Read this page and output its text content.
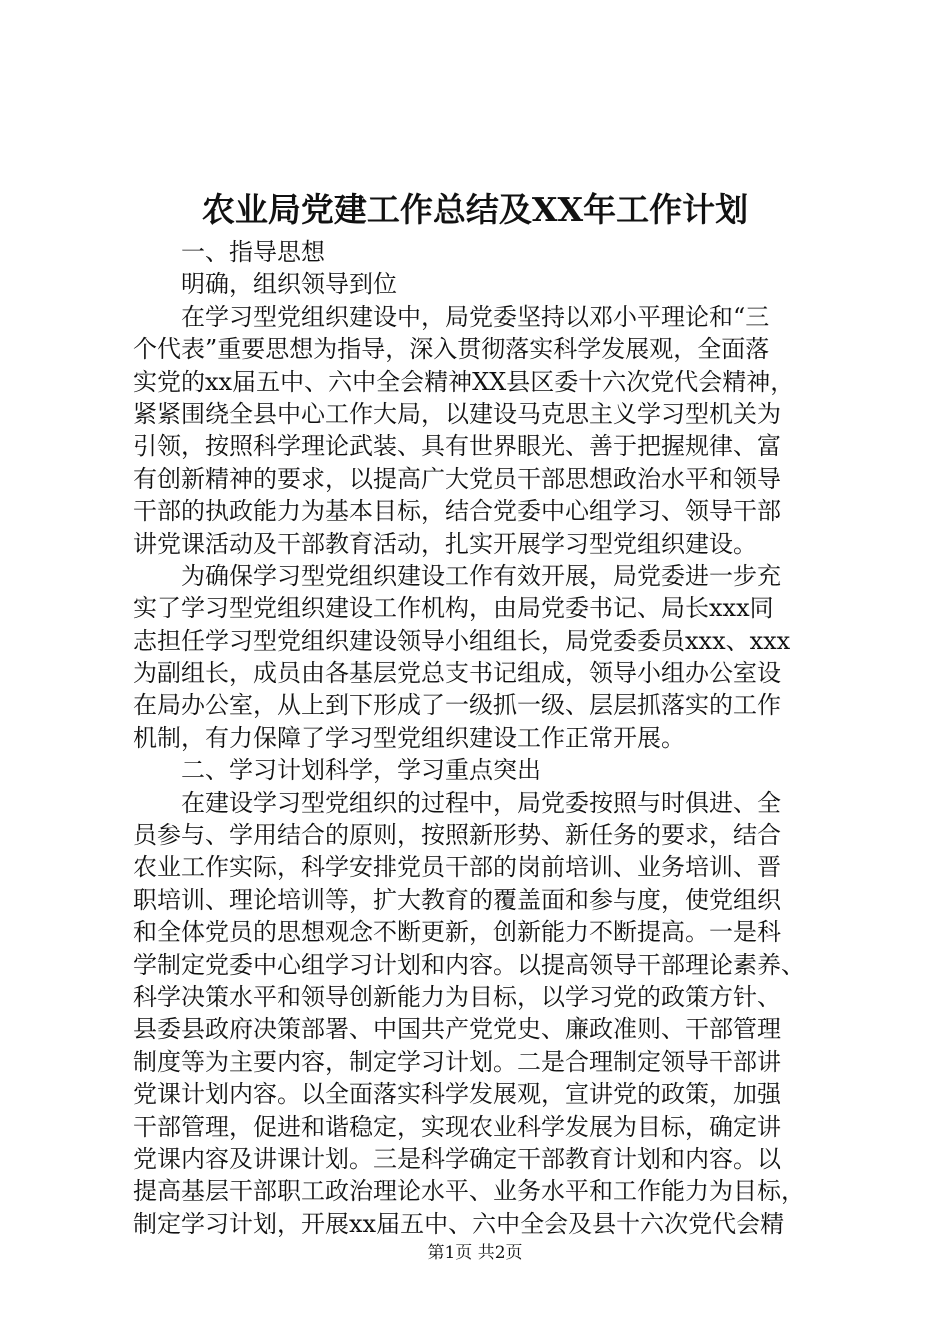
农业局党建工作总结及XX年工作计划
一、指导思想
明确，组织领导到位
在学习型党组织建设中，局党委坚持以邓小平理论和“三
个代表”重要思想为指导，深入贯彻落实科学发展观，全面落
实党的xx届五中、六中全会精神XX县区委十六次党代会精神，
紧紧围绕全县中心工作大局，以建设马克思主义学习型机关为
引领，按照科学理论武装、具有世界眼光、善于把握规律、富
有创新精神的要求，以提高广大党员干部思想政治水平和领导
干部的执政能力为基本目标，结合党委中心组学习、领导干部
讲党课活动及干部教育活动，扎实开展学习型党组织建设。
为确保学习型党组织建设工作有效开展，局党委进一步充
实了学习型党组织建设工作机构，由局党委书记、局长xxx同
志担任学习型党组织建设领导小组组长，局党委委员xxx、xxx
为副组长，成员由各基层党总支书记组成，领导小组办公室设
在局办公室，从上到下形成了一级抓一级、层层抓落实的工作
机制，有力保障了学习型党组织建设工作正常开展。
二、学习计划科学，学习重点突出
在建设学习型党组织的过程中，局党委按照与时俱进、全
员参与、学用结合的原则，按照新形势、新任务的要求，结合
农业工作实际，科学安排党员干部的岗前培训、业务培训、晋
职培训、理论培训等，扩大教育的覆盖面和参与度，使党组织
和全体党员的思想观念不断更新，创新能力不断提高。一是科
学制定党委中心组学习计划和内容。以提高领导干部理论素养、
科学决策水平和领导创新能力为目标，以学习党的政策方针、
县委县政府决策部署、中国共产党党史、廉政准则、干部管理
制度等为主要内容，制定学习计划。二是合理制定领导干部讲
党课计划内容。以全面落实科学发展观，宣讲党的政策，加强
干部管理，促进和谐稳定，实现农业科学发展为目标，确定讲
党课内容及讲课计划。三是科学确定干部教育计划和内容。以
提高基层干部职工政治理论水平、业务水平和工作能力为目标，
制定学习计划，开展xx届五中、六中全会及县十六次党代会精
第1页 共2页
